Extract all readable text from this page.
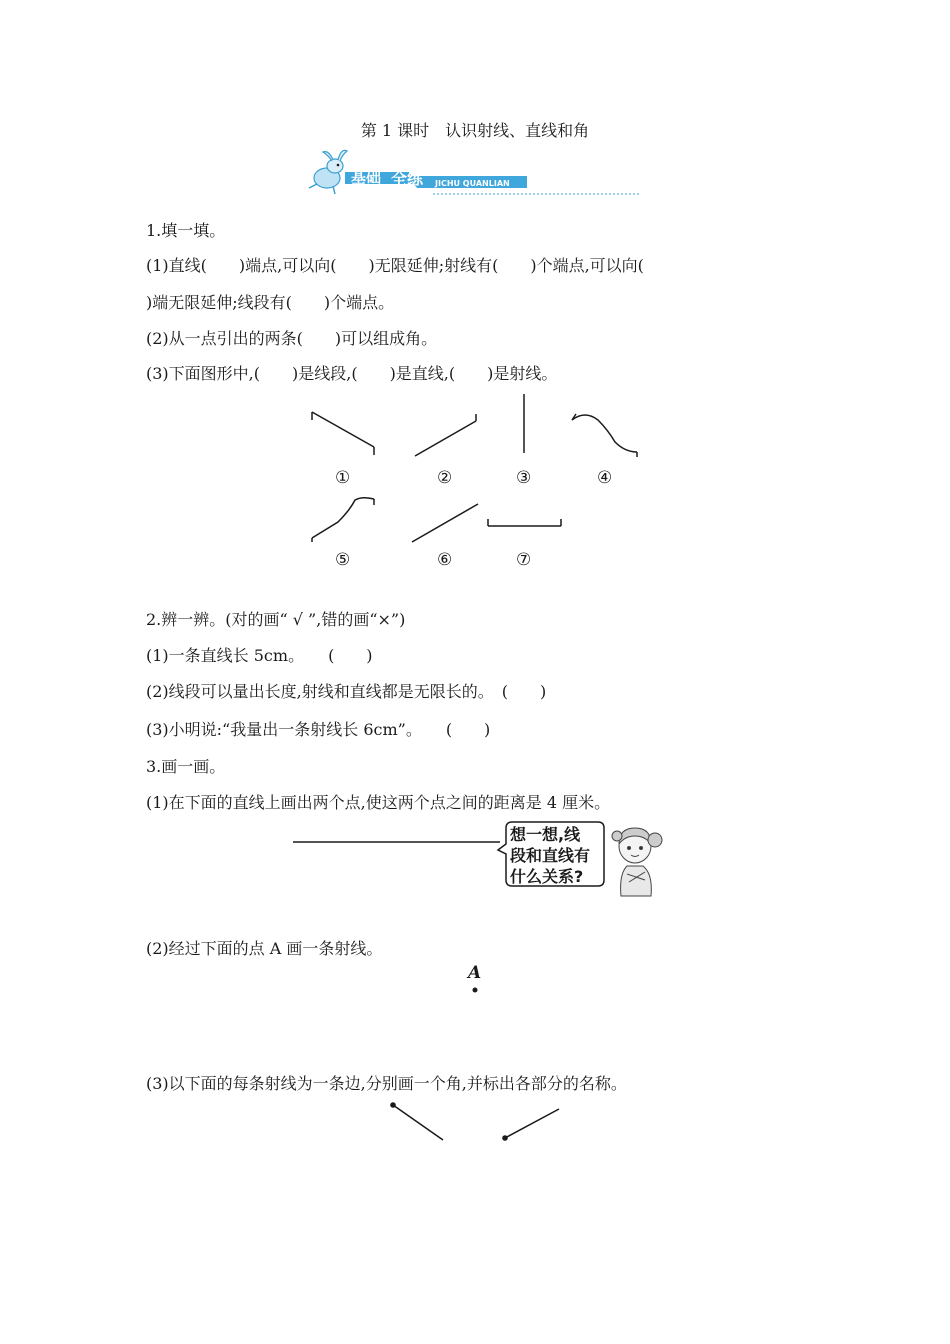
第 1 课时　认识射线、直线和角
基础 全练 JICHU QUANLIAN
1.填一填。
(1)直线(　　)端点,可以向(　　)无限延伸;射线有(　　)个端点,可以向(
)端无限延伸;线段有(　　)个端点。
(2)从一点引出的两条(　　)可以组成角。
(3)下面图形中,(　　)是线段,(　　)是直线,(　　)是射线。
①	②	③	④
⑤	⑥	⑦
2.辨一辨。(对的画“ √ ”,错的画“×”)
(1)一条直线长 5cm。　　(　　)
(2)线段可以量出长度,射线和直线都是无限长的。　(　　)
(3)小明说:“我量出一条射线长 6cm”。　　(　　)
3.画一画。
(1)在下面的直线上画出两个点,使这两个点之间的距离是 4 厘米。
想一想,线
段和直线有
什么关系?
(2)经过下面的点 A 画一条射线。
A
(3)以下面的每条射线为一条边,分别画一个角,并标出各部分的名称。
